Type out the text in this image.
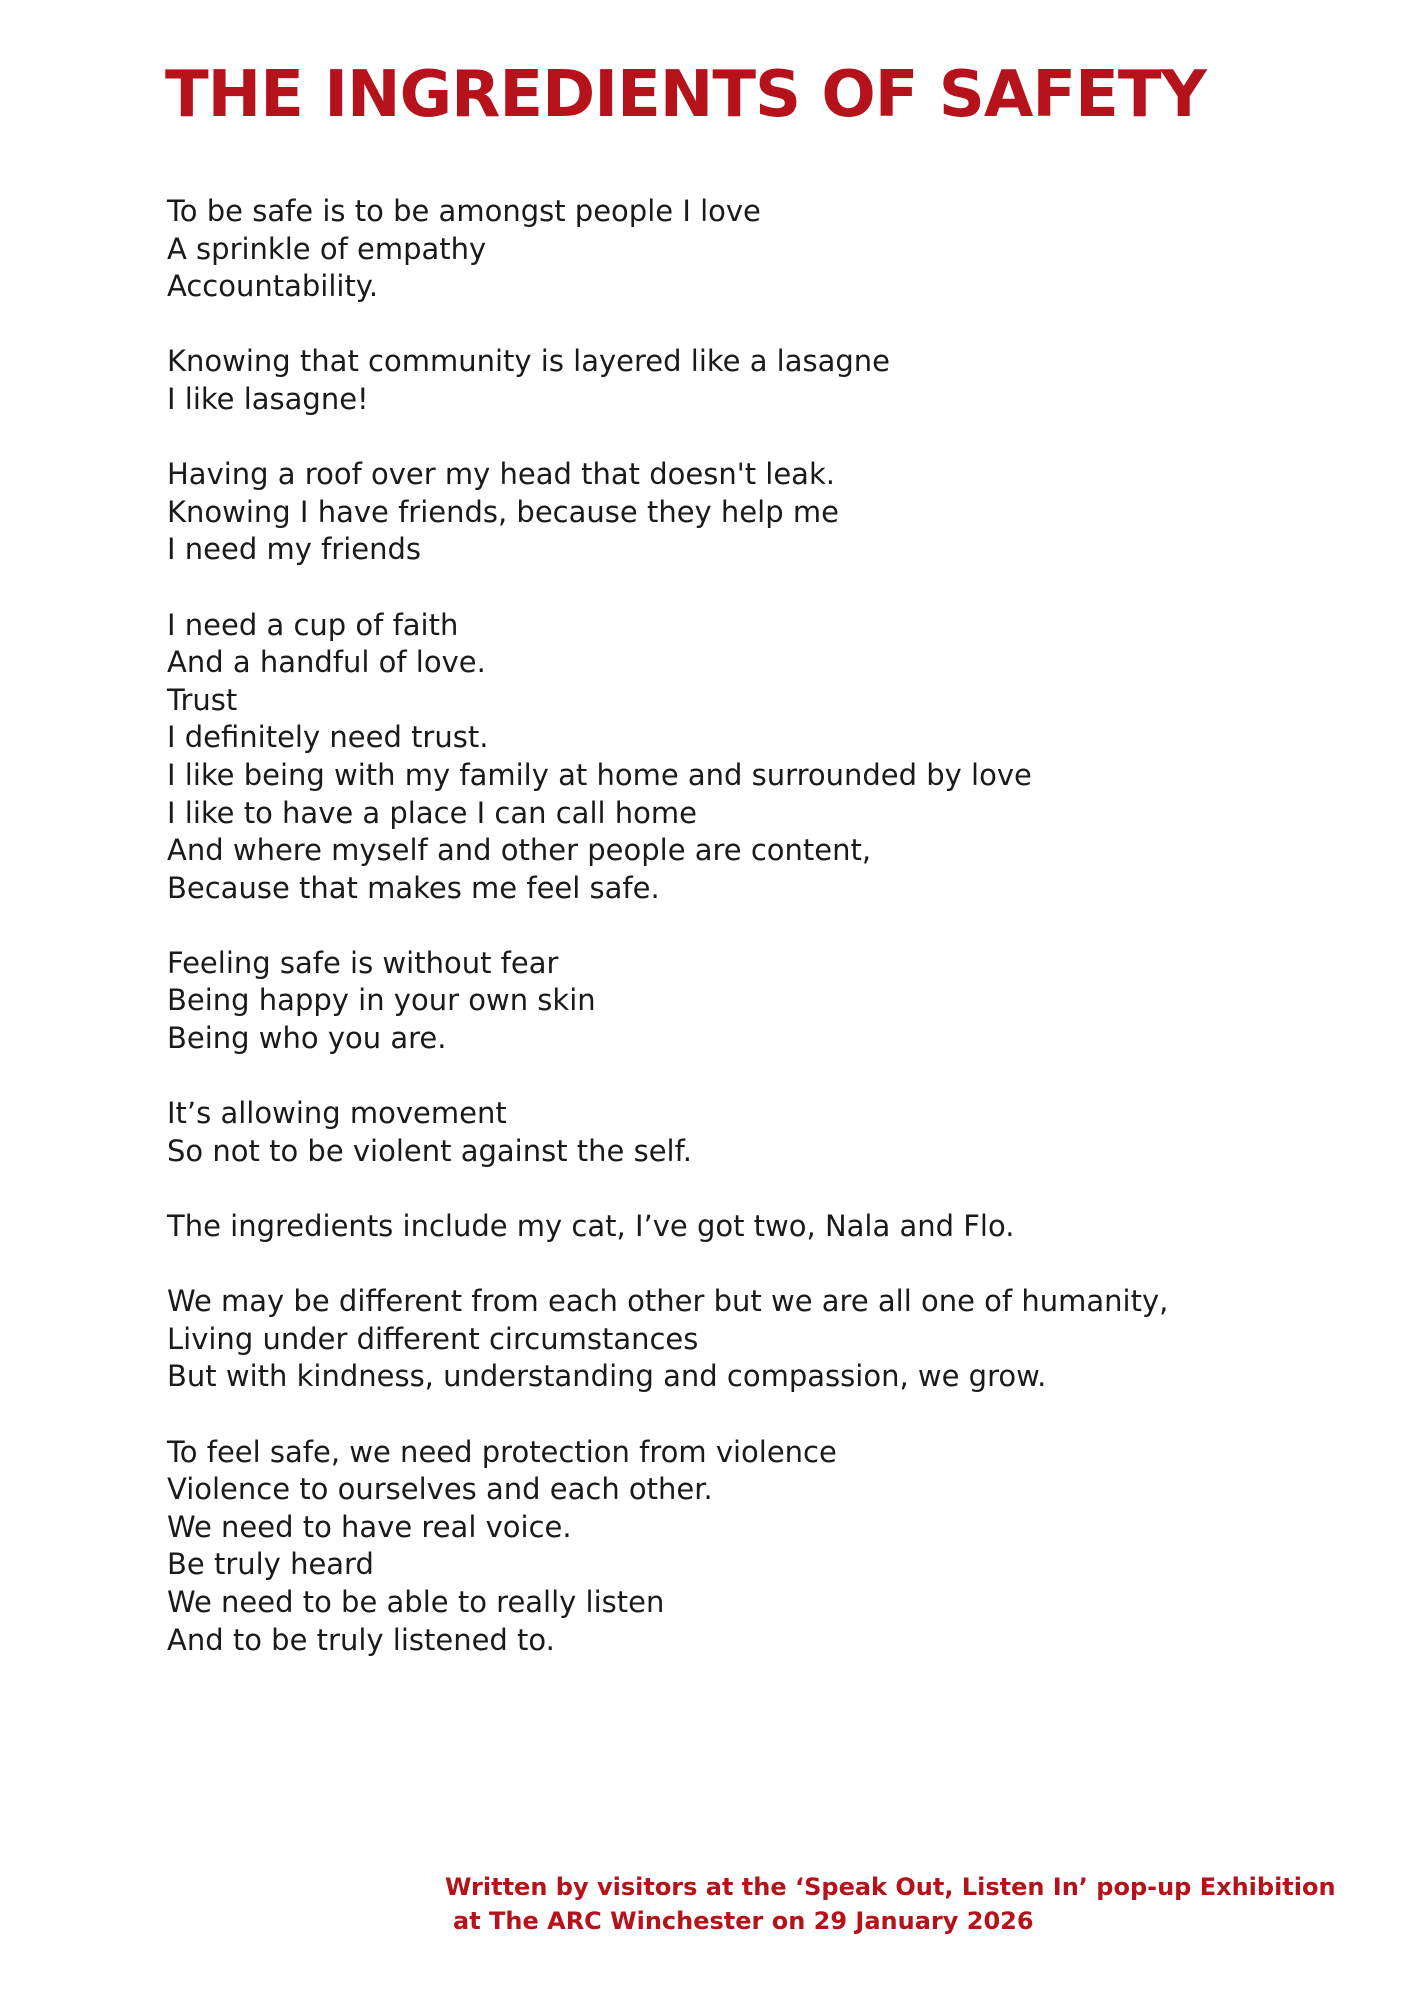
THE INGREDIENTS OF SAFETY
To be safe is to be amongst people I love
A sprinkle of empathy
Accountability.
Knowing that community is layered like a lasagne
I like lasagne!
Having a roof over my head that doesn't leak.
Knowing I have friends, because they help me
I need my friends
I need a cup of faith
And a handful of love.
Trust
I definitely need trust.
I like being with my family at home and surrounded by love
I like to have a place I can call home
And where myself and other people are content,
Because that makes me feel safe.
Feeling safe is without fear
Being happy in your own skin
Being who you are.
It’s allowing movement
So not to be violent against the self.
The ingredients include my cat, I’ve got two, Nala and Flo.
We may be different from each other but we are all one of humanity,
Living under different circumstances
But with kindness, understanding and compassion, we grow.
To feel safe, we need protection from violence
Violence to ourselves and each other.
We need to have real voice.
Be truly heard
We need to be able to really listen
And to be truly listened to.
Written by visitors at the ‘Speak Out, Listen In’ pop-up Exhibition
at The ARC Winchester on 29 January 2026
